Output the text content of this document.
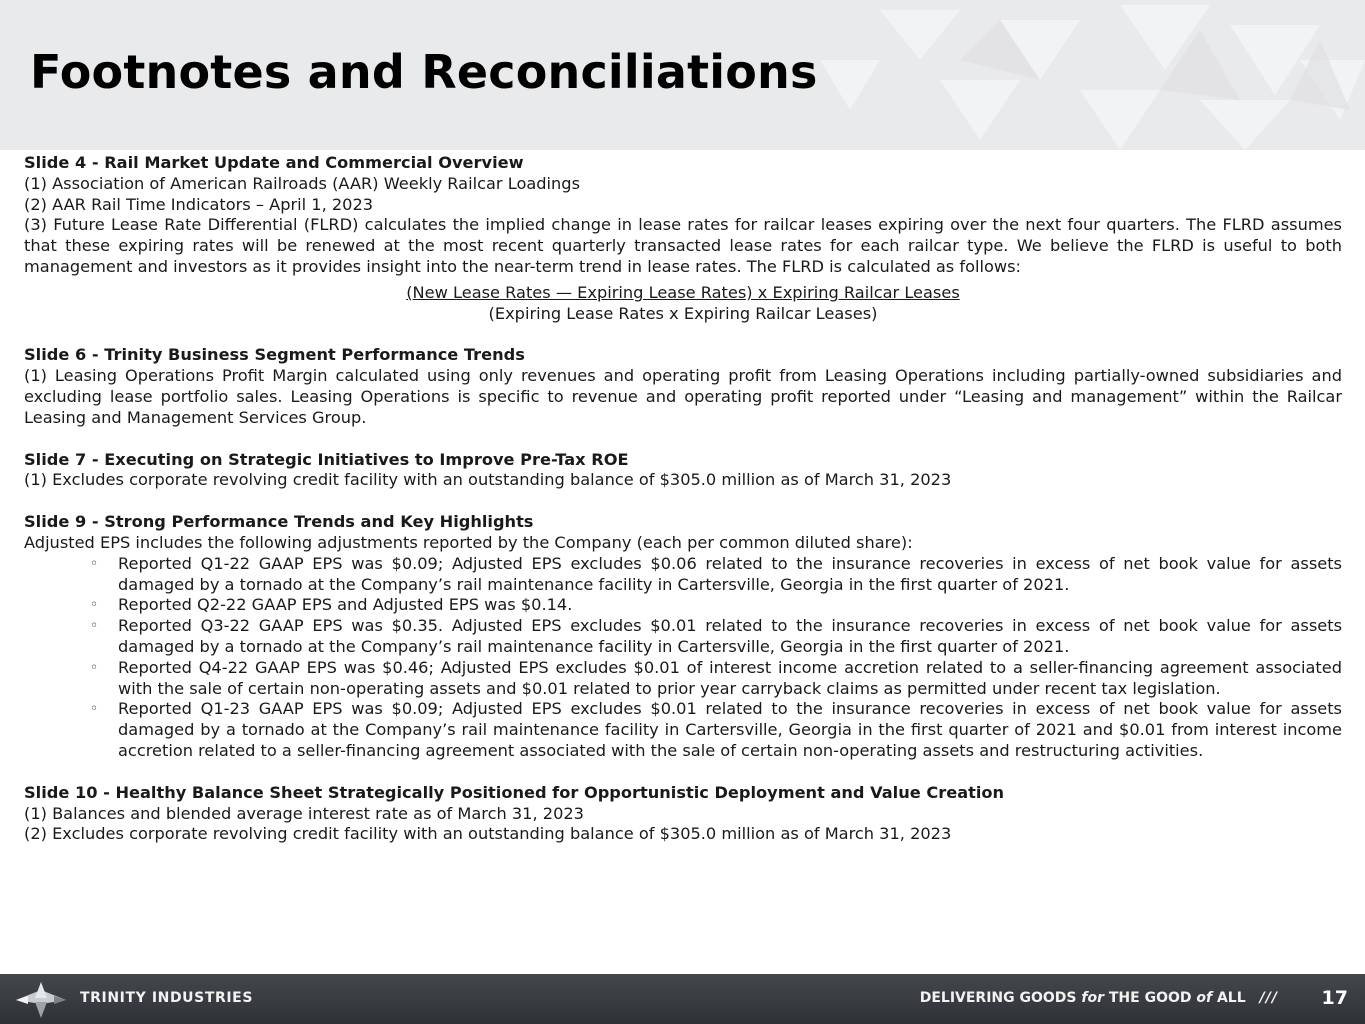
Footnotes and Reconciliations
Slide 4 - Rail Market Update and Commercial Overview
(1) Association of American Railroads (AAR) Weekly Railcar Loadings
(2) AAR Rail Time Indicators – April 1, 2023
(3) Future Lease Rate Differential (FLRD) calculates the implied change in lease rates for railcar leases expiring over the next four quarters. The FLRD assumes that these expiring rates will be renewed at the most recent quarterly transacted lease rates for each railcar type. We believe the FLRD is useful to both management and investors as it provides insight into the near-term trend in lease rates. The FLRD is calculated as follows:
(New Lease Rates — Expiring Lease Rates) x Expiring Railcar Leases
(Expiring Lease Rates x Expiring Railcar Leases)
Slide 6 - Trinity Business Segment Performance Trends
(1) Leasing Operations Profit Margin calculated using only revenues and operating profit from Leasing Operations including partially-owned subsidiaries and excluding lease portfolio sales. Leasing Operations is specific to revenue and operating profit reported under “Leasing and management” within the Railcar Leasing and Management Services Group.
Slide 7 - Executing on Strategic Initiatives to Improve Pre-Tax ROE
(1) Excludes corporate revolving credit facility with an outstanding balance of $305.0 million as of March 31, 2023
Slide 9 - Strong Performance Trends and Key Highlights
Adjusted EPS includes the following adjustments reported by the Company (each per common diluted share):
◦ Reported Q1-22 GAAP EPS was $0.09; Adjusted EPS excludes $0.06 related to the insurance recoveries in excess of net book value for assets damaged by a tornado at the Company’s rail maintenance facility in Cartersville, Georgia in the first quarter of 2021.
◦ Reported Q2-22 GAAP EPS and Adjusted EPS was $0.14.
◦ Reported Q3-22 GAAP EPS was $0.35. Adjusted EPS excludes $0.01 related to the insurance recoveries in excess of net book value for assets damaged by a tornado at the Company’s rail maintenance facility in Cartersville, Georgia in the first quarter of 2021.
◦ Reported Q4-22 GAAP EPS was $0.46; Adjusted EPS excludes $0.01 of interest income accretion related to a seller-financing agreement associated with the sale of certain non-operating assets and $0.01 related to prior year carryback claims as permitted under recent tax legislation.
◦ Reported Q1-23 GAAP EPS was $0.09; Adjusted EPS excludes $0.01 related to the insurance recoveries in excess of net book value for assets damaged by a tornado at the Company’s rail maintenance facility in Cartersville, Georgia in the first quarter of 2021 and $0.01 from interest income accretion related to a seller-financing agreement associated with the sale of certain non-operating assets and restructuring activities.
Slide 10 - Healthy Balance Sheet Strategically Positioned for Opportunistic Deployment and Value Creation
(1) Balances and blended average interest rate as of March 31, 2023
(2) Excludes corporate revolving credit facility with an outstanding balance of $305.0 million as of March 31, 2023
TRINITY INDUSTRIES	DELIVERING GOODS for THE GOOD of ALL /// 17
